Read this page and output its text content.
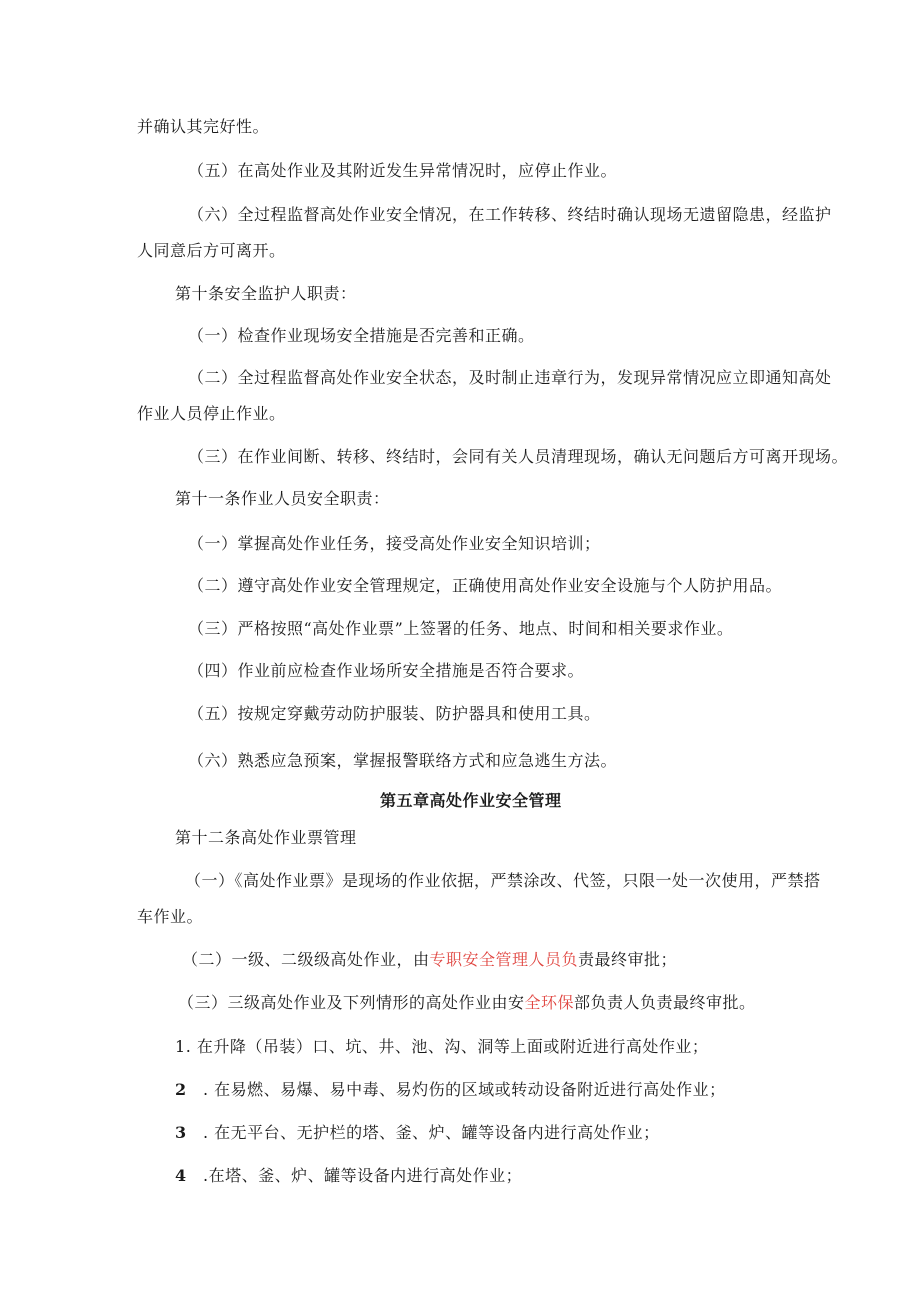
并确认其完好性。
（五）在高处作业及其附近发生异常情况时，应停止作业。
（六）全过程监督高处作业安全情况，在工作转移、终结时确认现场无遗留隐患，经监护
人同意后方可离开。
第十条安全监护人职责：
（一）检查作业现场安全措施是否完善和正确。
（二）全过程监督高处作业安全状态，及时制止违章行为，发现异常情况应立即通知高处
作业人员停止作业。
（三）在作业间断、转移、终结时，会同有关人员清理现场，确认无问题后方可离开现场。
第十一条作业人员安全职责：
（一）掌握高处作业任务，接受高处作业安全知识培训；
（二）遵守高处作业安全管理规定，正确使用高处作业安全设施与个人防护用品。
（三）严格按照“高处作业票”上签署的任务、地点、时间和相关要求作业。
（四）作业前应检查作业场所安全措施是否符合要求。
（五）按规定穿戴劳动防护服装、防护器具和使用工具。
（六）熟悉应急预案，掌握报警联络方式和应急逃生方法。
第五章高处作业安全管理
第十二条高处作业票管理
（一）《高处作业票》是现场的作业依据，严禁涂改、代签，只限一处一次使用，严禁搭
车作业。
（二）一级、二级级高处作业，由专职安全管理人员负责最终审批；
（三）三级高处作业及下列情形的高处作业由安全环保部负责人负责最终审批。
1. 在升降（吊装）口、坑、井、池、沟、洞等上面或附近进行高处作业；
2 . 在易燃、易爆、易中毒、易灼伤的区域或转动设备附近进行高处作业；
3 . 在无平台、无护栏的塔、釜、炉、罐等设备内进行高处作业；
4 .在塔、釜、炉、罐等设备内进行高处作业；
